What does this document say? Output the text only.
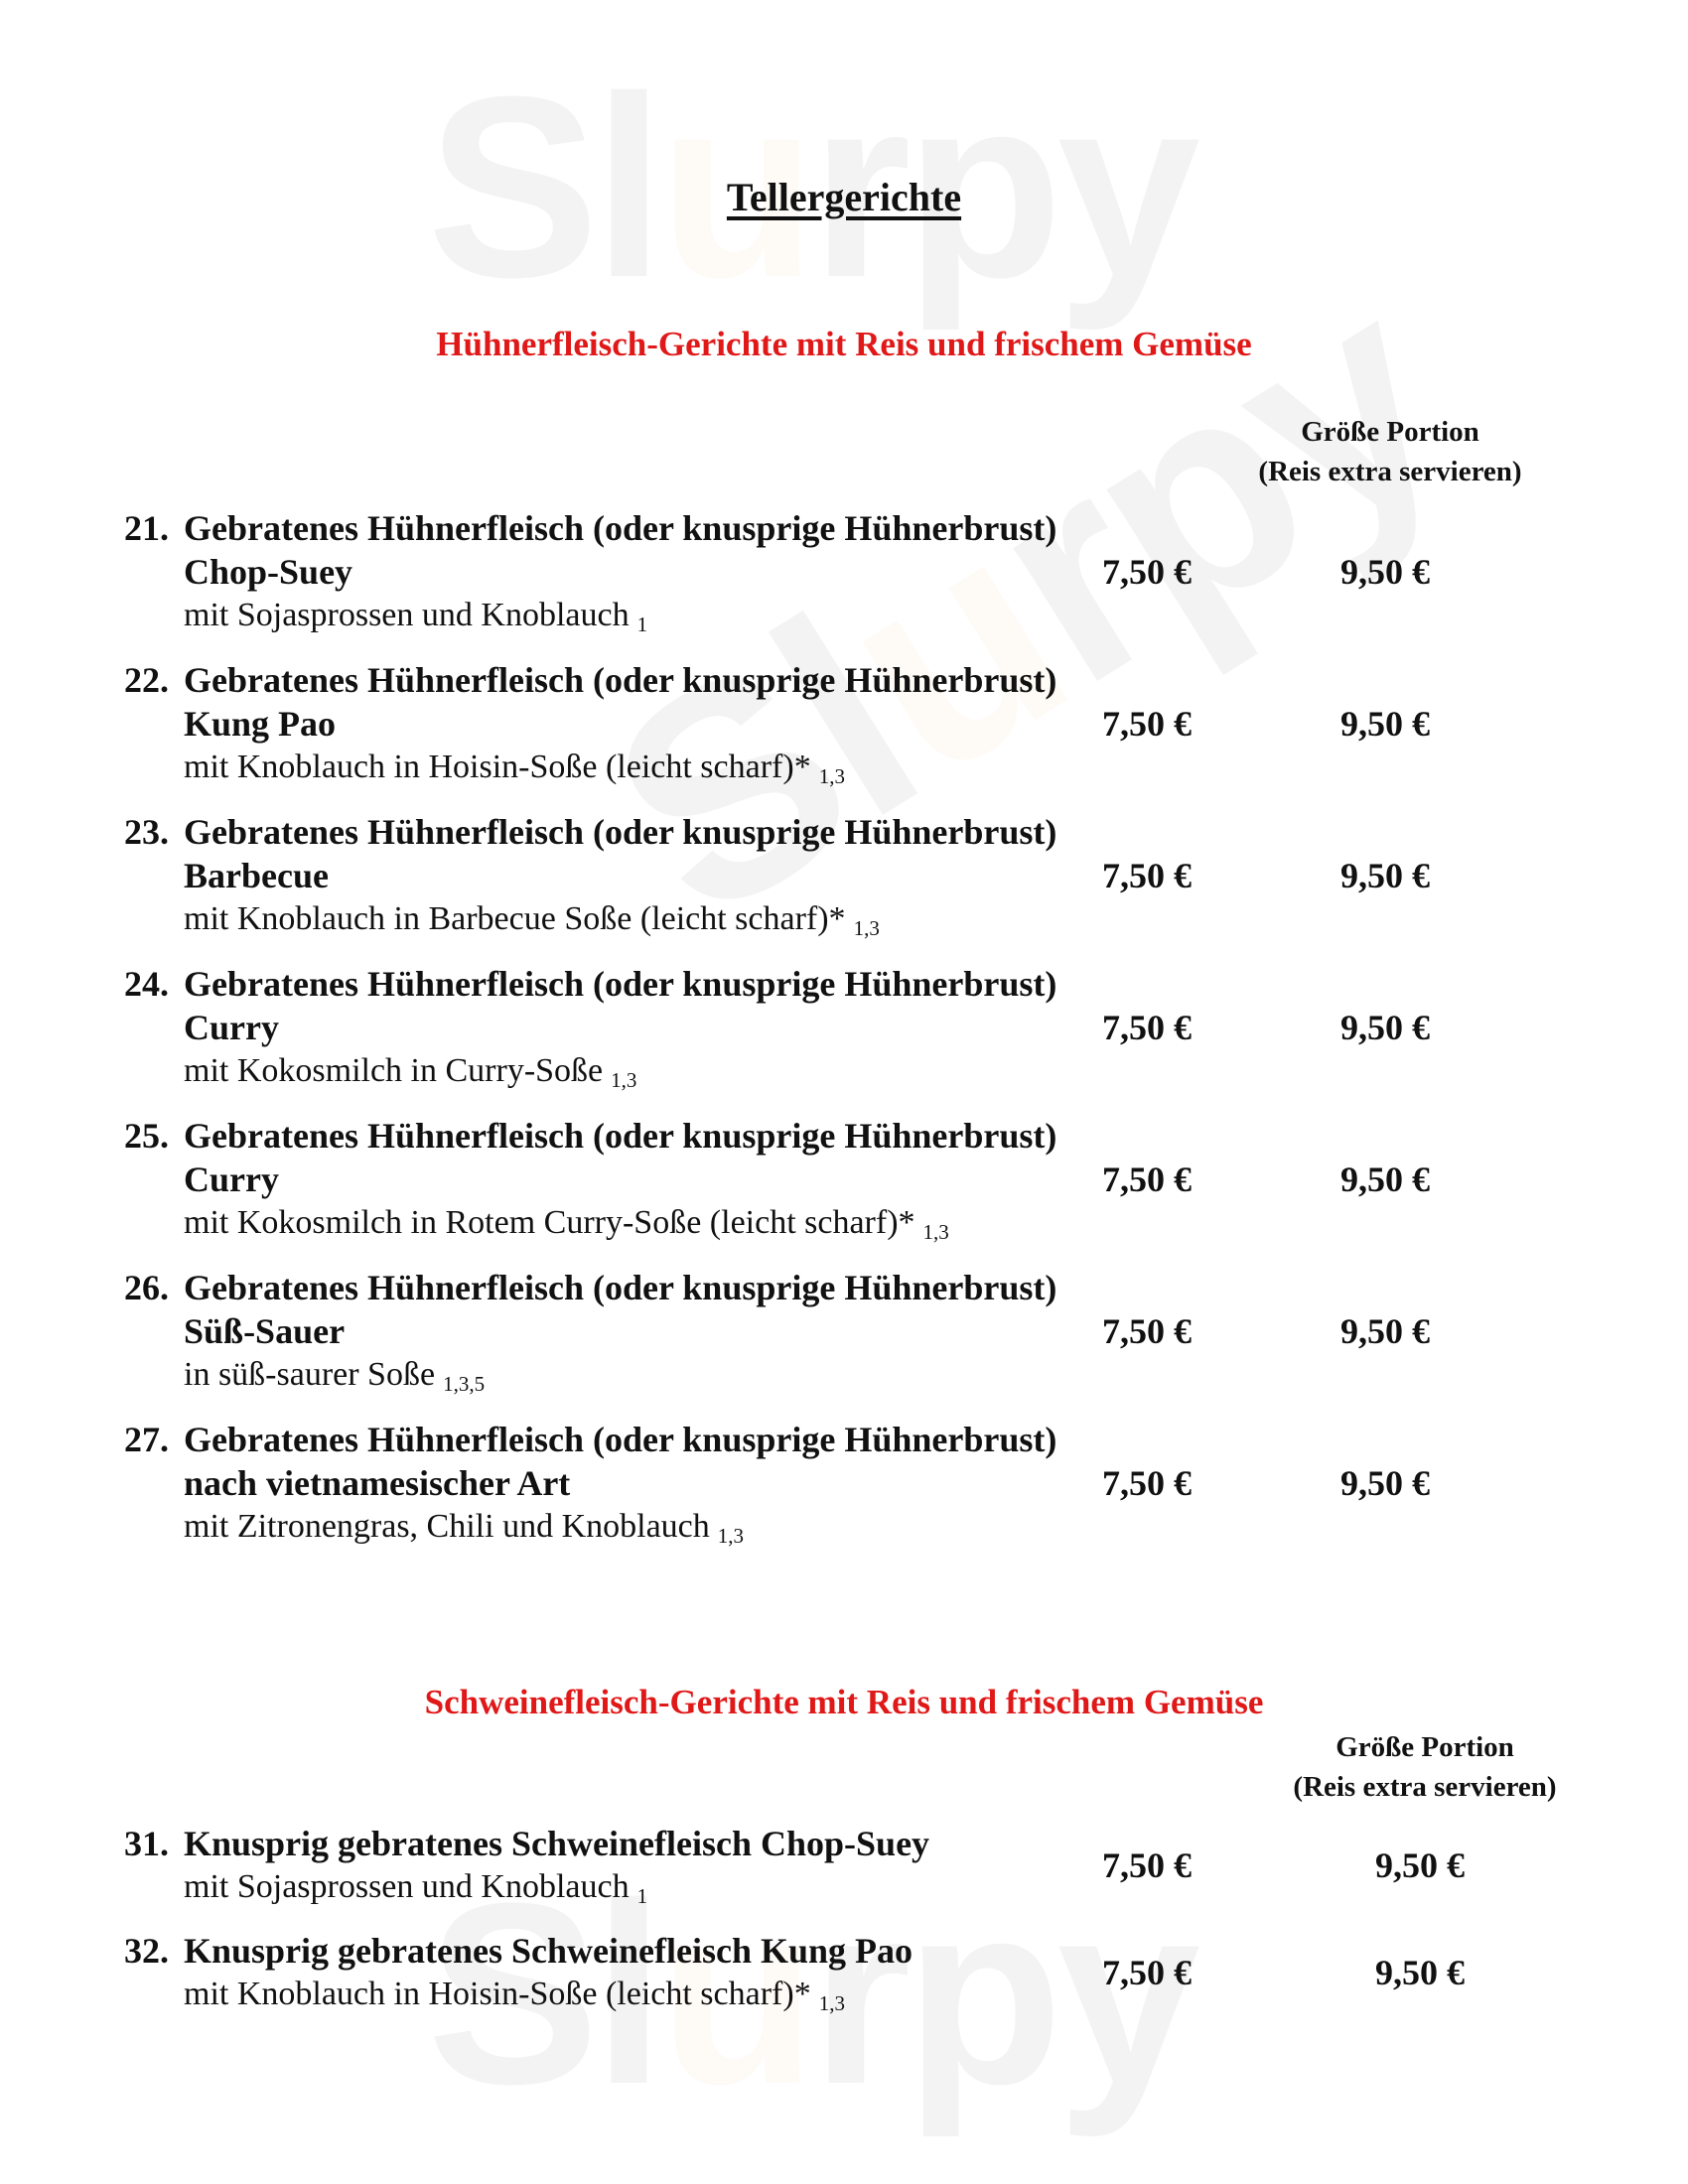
Tellergerichte
Hühnerfleisch-Gerichte mit Reis und frischem Gemüse
Größe Portion
(Reis extra servieren)
21. Gebratenes Hühnerfleisch (oder knusprige Hühnerbrust) Chop-Suey
mit Sojasprossen und Knoblauch $_1$
7,50 €	9,50 €
22. Gebratenes Hühnerfleisch (oder knusprige Hühnerbrust) Kung Pao
mit Knoblauch in Hoisin-Soße (leicht scharf)* $_{1,3}$
7,50 €	9,50 €
23. Gebratenes Hühnerfleisch (oder knusprige Hühnerbrust) Barbecue
mit Knoblauch in Barbecue Soße (leicht scharf)* $_{1,3}$
7,50 €	9,50 €
24. Gebratenes Hühnerfleisch (oder knusprige Hühnerbrust) Curry
mit Kokosmilch in Curry-Soße $_{1,3}$
7,50 €	9,50 €
25. Gebratenes Hühnerfleisch (oder knusprige Hühnerbrust) Curry
mit Kokosmilch in Rotem Curry-Soße (leicht scharf)* $_{1,3}$
7,50 €	9,50 €
26. Gebratenes Hühnerfleisch (oder knusprige Hühnerbrust) Süß-Sauer
in süß-saurer Soße $_{1,3,5}$
7,50 €	9,50 €
27. Gebratenes Hühnerfleisch (oder knusprige Hühnerbrust) nach vietnamesischer Art
mit Zitronengras, Chili und Knoblauch $_{1,3}$
7,50 €	9,50 €
Schweinefleisch-Gerichte mit Reis und frischem Gemüse
Größe Portion
(Reis extra servieren)
31. Knusprig gebratenes Schweinefleisch Chop-Suey
mit Sojasprossen und Knoblauch $_1$
7,50 €	9,50 €
32. Knusprig gebratenes Schweinefleisch Kung Pao
mit Knoblauch in Hoisin-Soße (leicht scharf)* $_{1,3}$
7,50 €	9,50 €
